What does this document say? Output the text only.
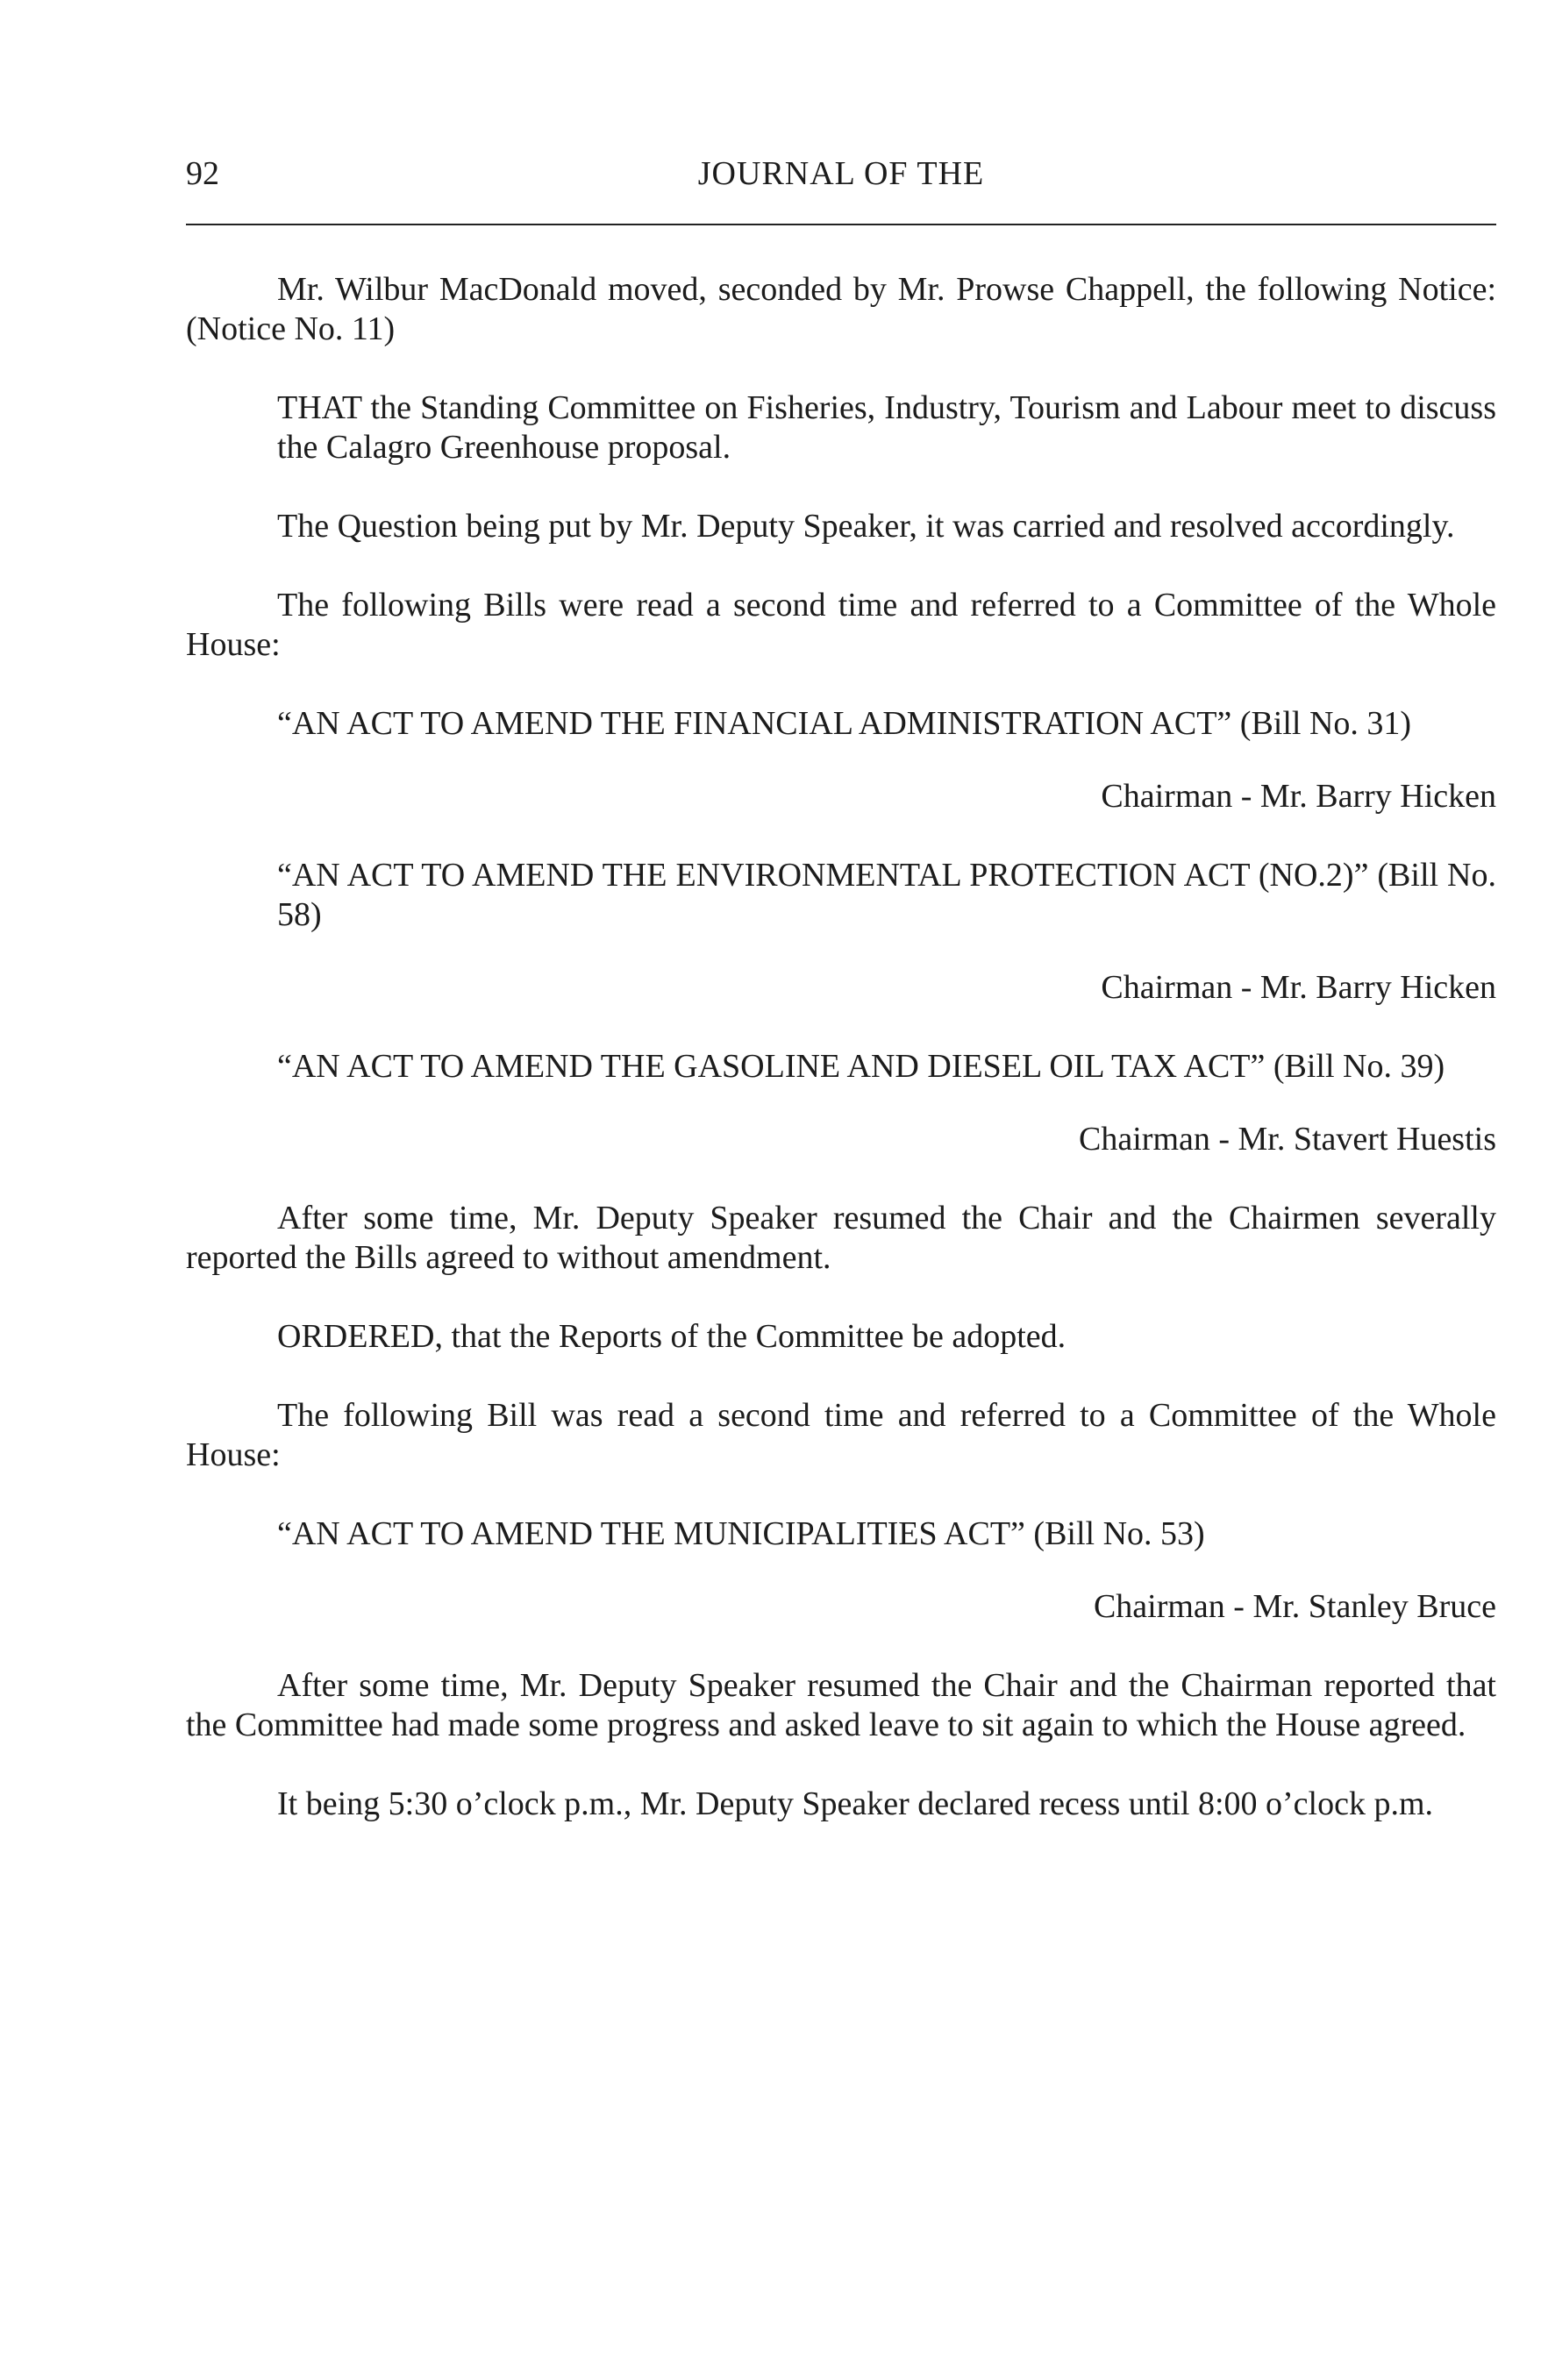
92	JOURNAL OF THE

Mr. Wilbur MacDonald moved, seconded by Mr. Prowse Chappell, the following Notice: (Notice No. 11)

THAT the Standing Committee on Fisheries, Industry, Tourism and Labour meet to discuss the Calagro Greenhouse proposal.

The Question being put by Mr. Deputy Speaker, it was carried and resolved accordingly.

The following Bills were read a second time and referred to a Committee of the Whole House:

“AN ACT TO AMEND THE FINANCIAL ADMINISTRATION ACT” (Bill No. 31)

Chairman - Mr. Barry Hicken

“AN ACT TO AMEND THE ENVIRONMENTAL PROTECTION ACT (NO.2)” (Bill No. 58)

Chairman - Mr. Barry Hicken

“AN ACT TO AMEND THE GASOLINE AND DIESEL OIL TAX ACT” (Bill No. 39)

Chairman - Mr. Stavert Huestis

After some time, Mr. Deputy Speaker resumed the Chair and the Chairmen severally reported the Bills agreed to without amendment.

ORDERED, that the Reports of the Committee be adopted.

The following Bill was read a second time and referred to a Committee of the Whole House:

“AN ACT TO AMEND THE MUNICIPALITIES ACT” (Bill No. 53)

Chairman - Mr. Stanley Bruce

After some time, Mr. Deputy Speaker resumed the Chair and the Chairman reported that the Committee had made some progress and asked leave to sit again to which the House agreed.

It being 5:30 o’clock p.m., Mr. Deputy Speaker declared recess until 8:00 o’clock p.m.
